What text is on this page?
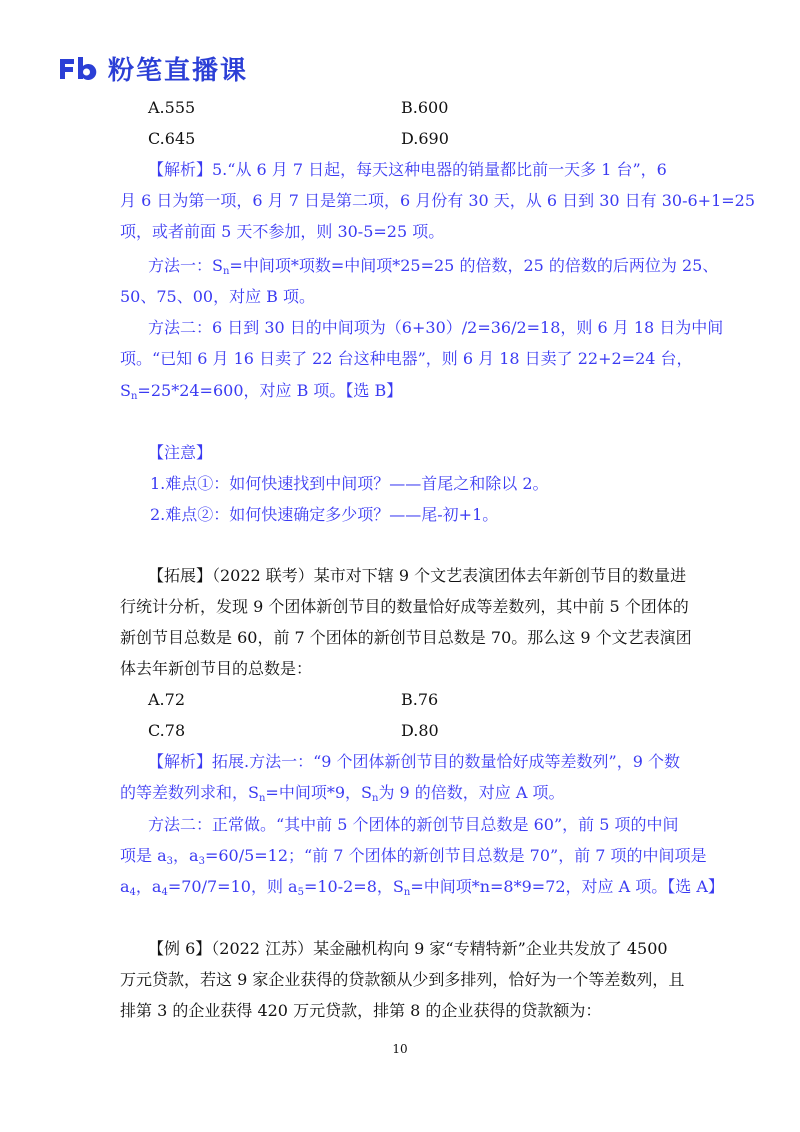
粉笔直播课
A.555	B.600
C.645	D.690
【解析】5.“从 6 月 7 日起，每天这种电器的销量都比前一天多 1 台”，6
月 6 日为第一项，6 月 7 日是第二项，6 月份有 30 天，从 6 日到 30 日有 30-6+1=25
项，或者前面 5 天不参加，则 30-5=25 项。
方法一：$S_n=$中间项*项数=中间项*25=25 的倍数，25 的倍数的后两位为 25、
50、75、00，对应 B 项。
方法二：6 日到 30 日的中间项为（6+30）/2=36/2=18，则 6 月 18 日为中间
项。“已知 6 月 16 日卖了 22 台这种电器”，则 6 月 18 日卖了 22+2=24 台，
$S_n=25*24=600$，对应 B 项。【选 B】
【注意】
1.难点①：如何快速找到中间项？——首尾之和除以 2。
2.难点②：如何快速确定多少项？——尾-初+1。
【拓展】（2022 联考）某市对下辖 9 个文艺表演团体去年新创节目的数量进
行统计分析，发现 9 个团体新创节目的数量恰好成等差数列，其中前 5 个团体的
新创节目总数是 60，前 7 个团体的新创节目总数是 70。那么这 9 个文艺表演团
体去年新创节目的总数是：
A.72	B.76
C.78	D.80
【解析】拓展.方法一：“9 个团体新创节目的数量恰好成等差数列”，9 个数
的等差数列求和，$S_n=$中间项*9，$S_n$为 9 的倍数，对应 A 项。
方法二：正常做。“其中前 5 个团体的新创节目总数是 60”，前 5 项的中间
项是 $a_3$，$a_3=60/5=12$；“前 7 个团体的新创节目总数是 70”，前 7 项的中间项是
$a_4$，$a_4=70/7=10$，则 $a_5=10-2=8$，$S_n=$中间项*n=8*9=72，对应 A 项。【选 A】
【例 6】（2022 江苏）某金融机构向 9 家“专精特新”企业共发放了 4500
万元贷款，若这 9 家企业获得的贷款额从少到多排列，恰好为一个等差数列，且
排第 3 的企业获得 420 万元贷款，排第 8 的企业获得的贷款额为：
10
